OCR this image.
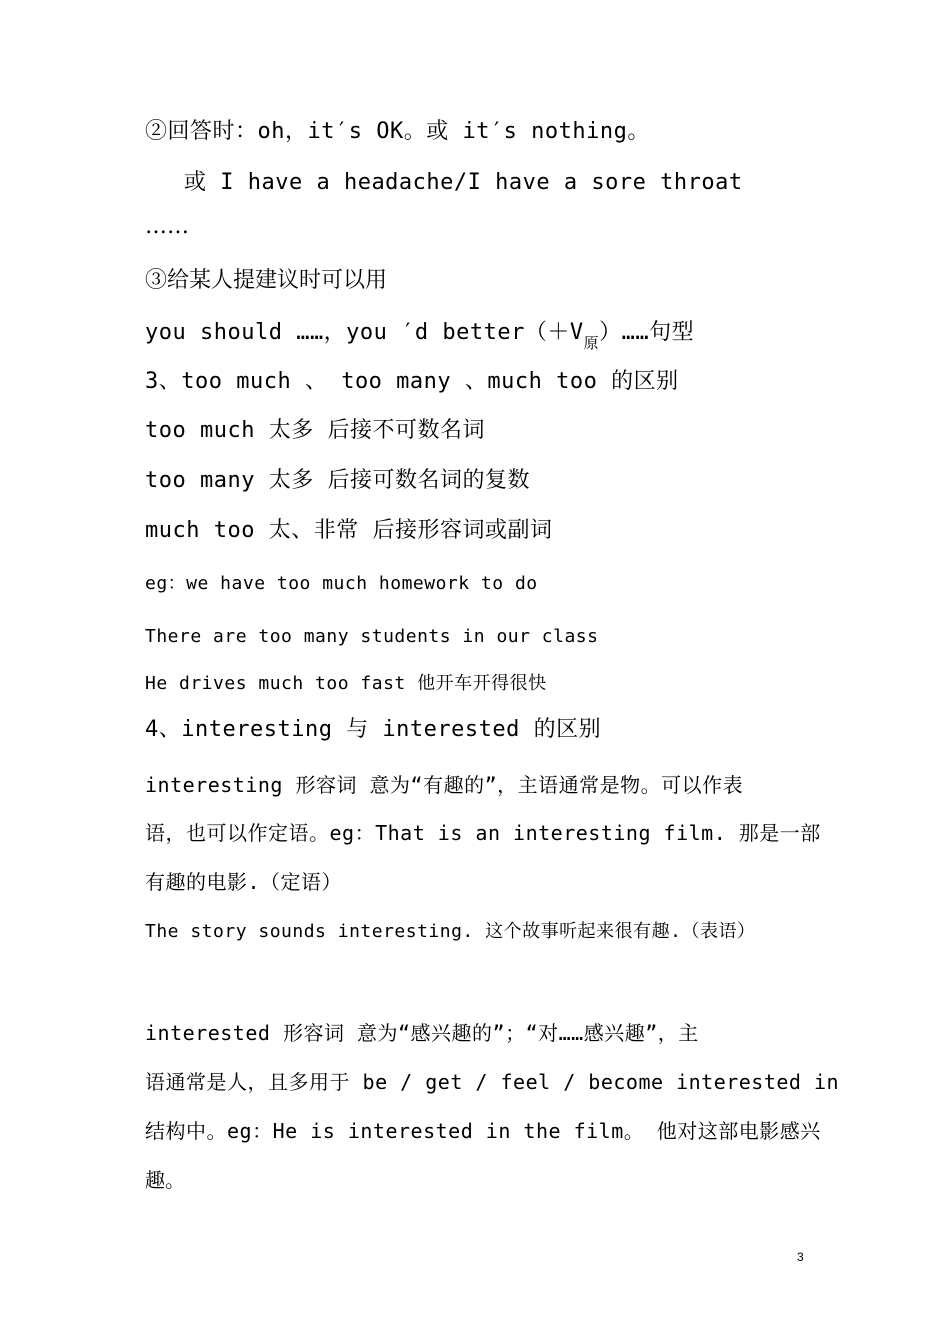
②回答时：oh，it′s OK。或 it′s nothing。
或 I have a headache/I have a sore throat
……
③给某人提建议时可以用
you should ……，you ′d $better(+V_原)\dots\dots$句型
3、too much 、 too many 、much too 的区别
too much 太多 后接不可数名词
too many 太多 后接可数名词的复数
much too 太、非常 后接形容词或副词
eg：we have too much homework to do
There are too many students in our class
He drives much too fast 他开车开得很快
4、interesting 与 interested 的区别
interesting 形容词 意为“有趣的”，主语通常是物。可以作表
语，也可以作定语。eg：That is an interesting film. 那是一部
有趣的电影.（定语）
The story sounds interesting. 这个故事听起来很有趣.（表语）
interested 形容词 意为“感兴趣的”；“对……感兴趣”，主
语通常是人，且多用于 be / get / feel / become interested in
结构中。eg：He is interested in the film。 他对这部电影感兴
趣。
3
